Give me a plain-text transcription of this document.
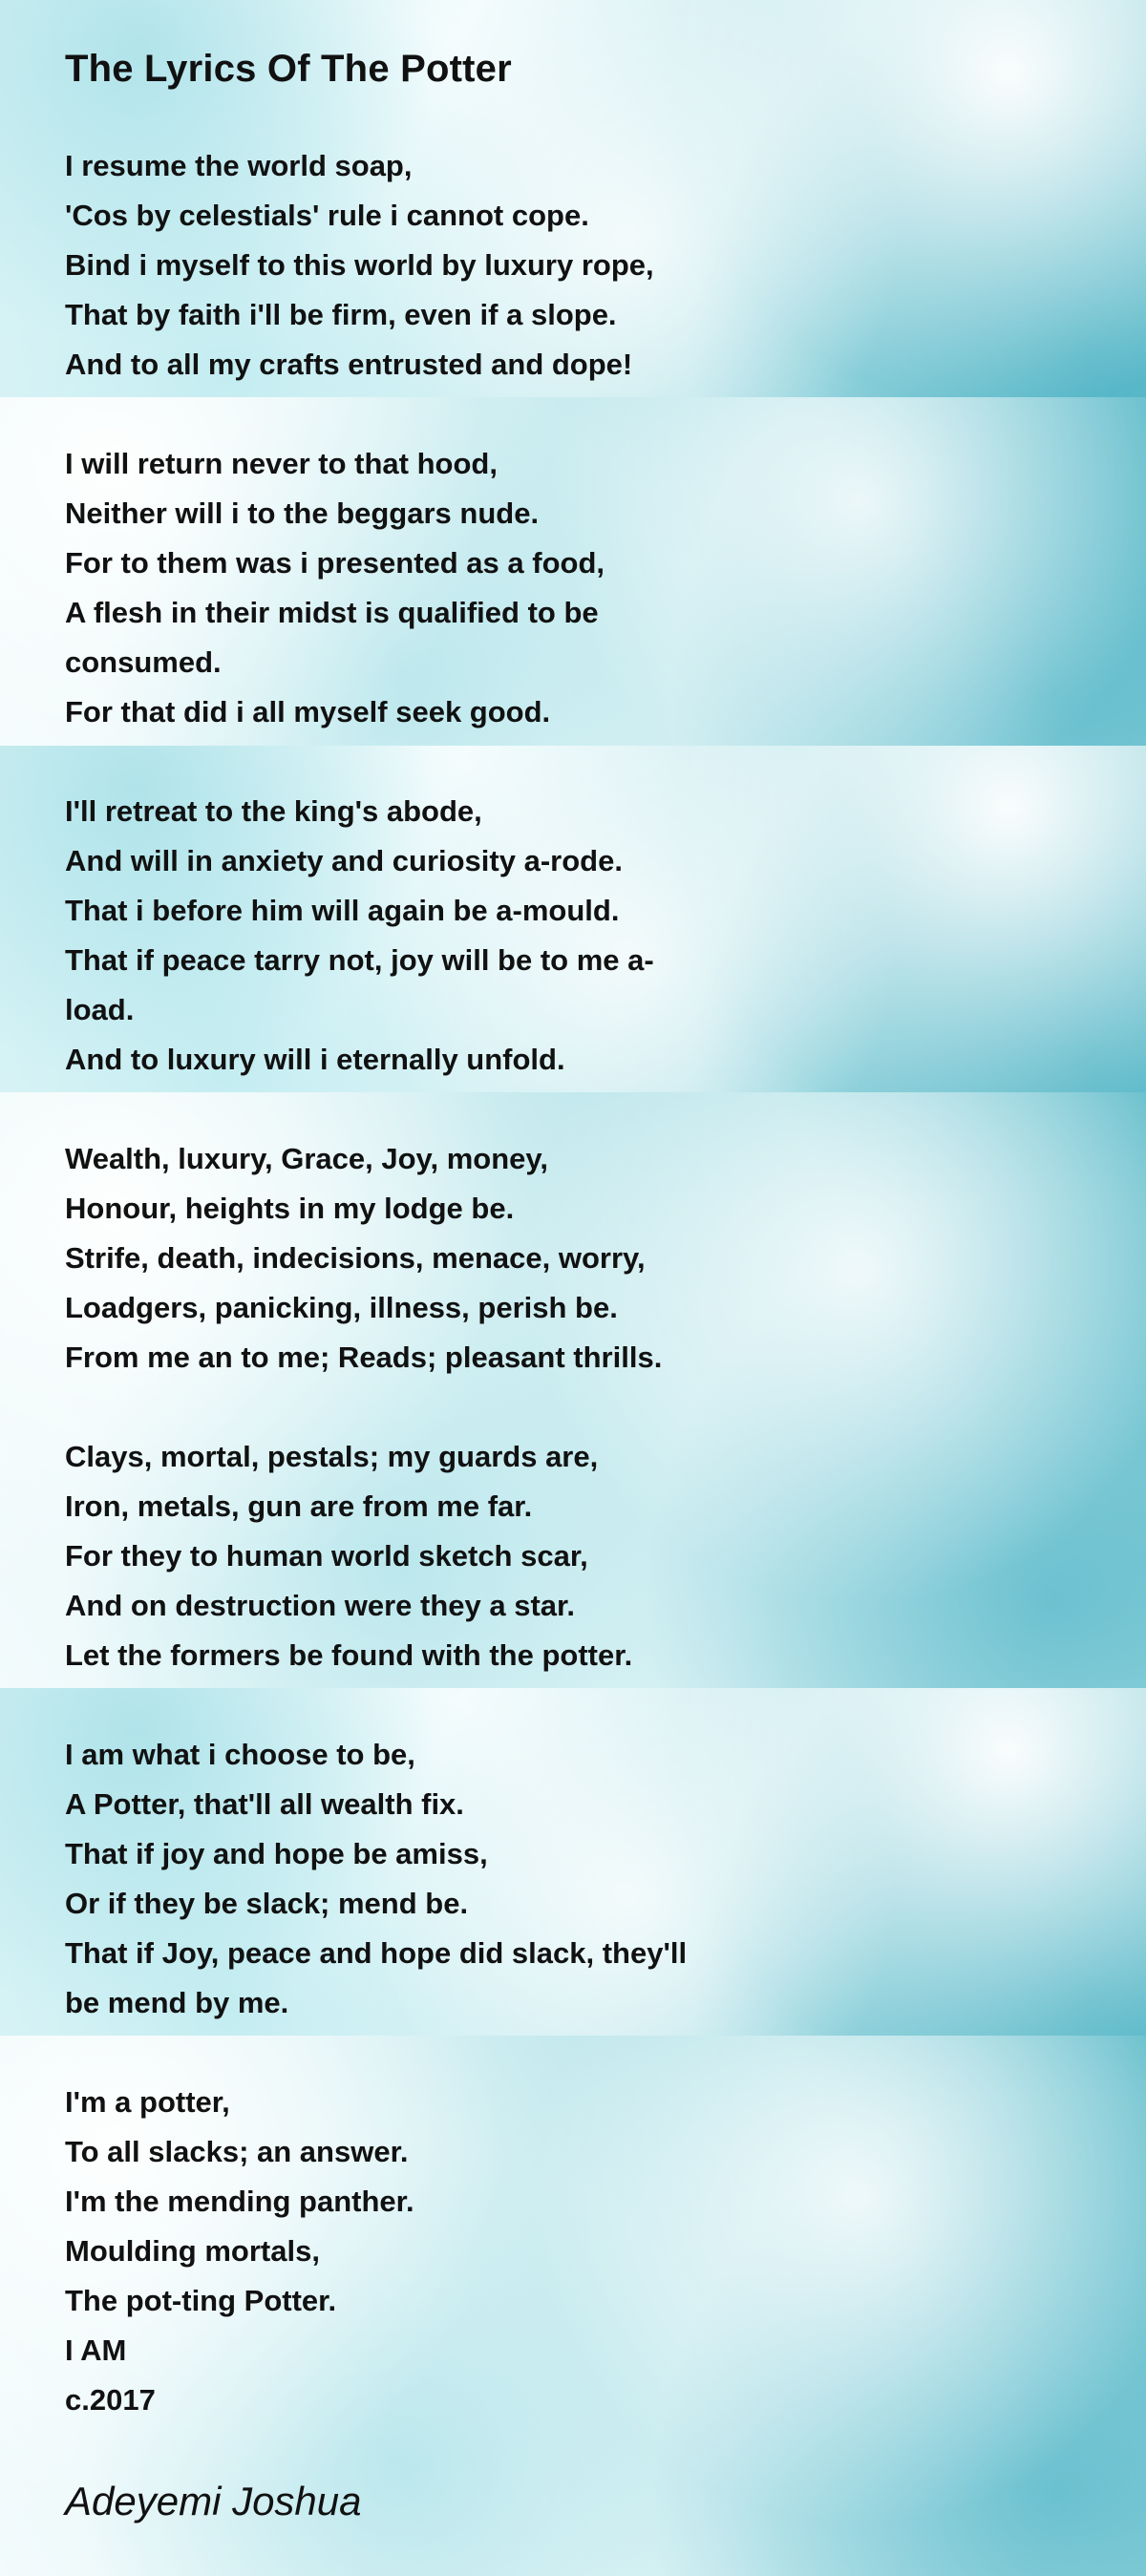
The Lyrics Of The Potter
I resume the world soap,
'Cos by celestials' rule i cannot cope.
Bind i myself to this world by luxury rope,
That by faith i'll be firm, even if a slope.
And to all my crafts entrusted and dope!
I will return never to that hood,
Neither will i to the beggars nude.
For to them was i presented as a food,
A flesh in their midst is qualified to be
consumed.
For that did i all myself seek good.
I'll retreat to the king's abode,
And will in anxiety and curiosity a-rode.
That i before him will again be a-mould.
That if peace tarry not, joy will be to me a-
load.
And to luxury will i eternally unfold.
Wealth, luxury, Grace, Joy, money,
Honour, heights in my lodge be.
Strife, death, indecisions, menace, worry,
Loadgers, panicking, illness, perish be.
From me an to me; Reads; pleasant thrills.
Clays, mortal, pestals; my guards are,
Iron, metals, gun are from me far.
For they to human world sketch scar,
And on destruction were they a star.
Let the formers be found with the potter.
I am what i choose to be,
A Potter, that'll all wealth fix.
That if joy and hope be amiss,
Or if they be slack; mend be.
That if Joy, peace and hope did slack, they'll
be mend by me.
I'm a potter,
To all slacks; an answer.
I'm the mending panther.
Moulding mortals,
The pot-ting Potter.
I AM
c.2017
Adeyemi Joshua
